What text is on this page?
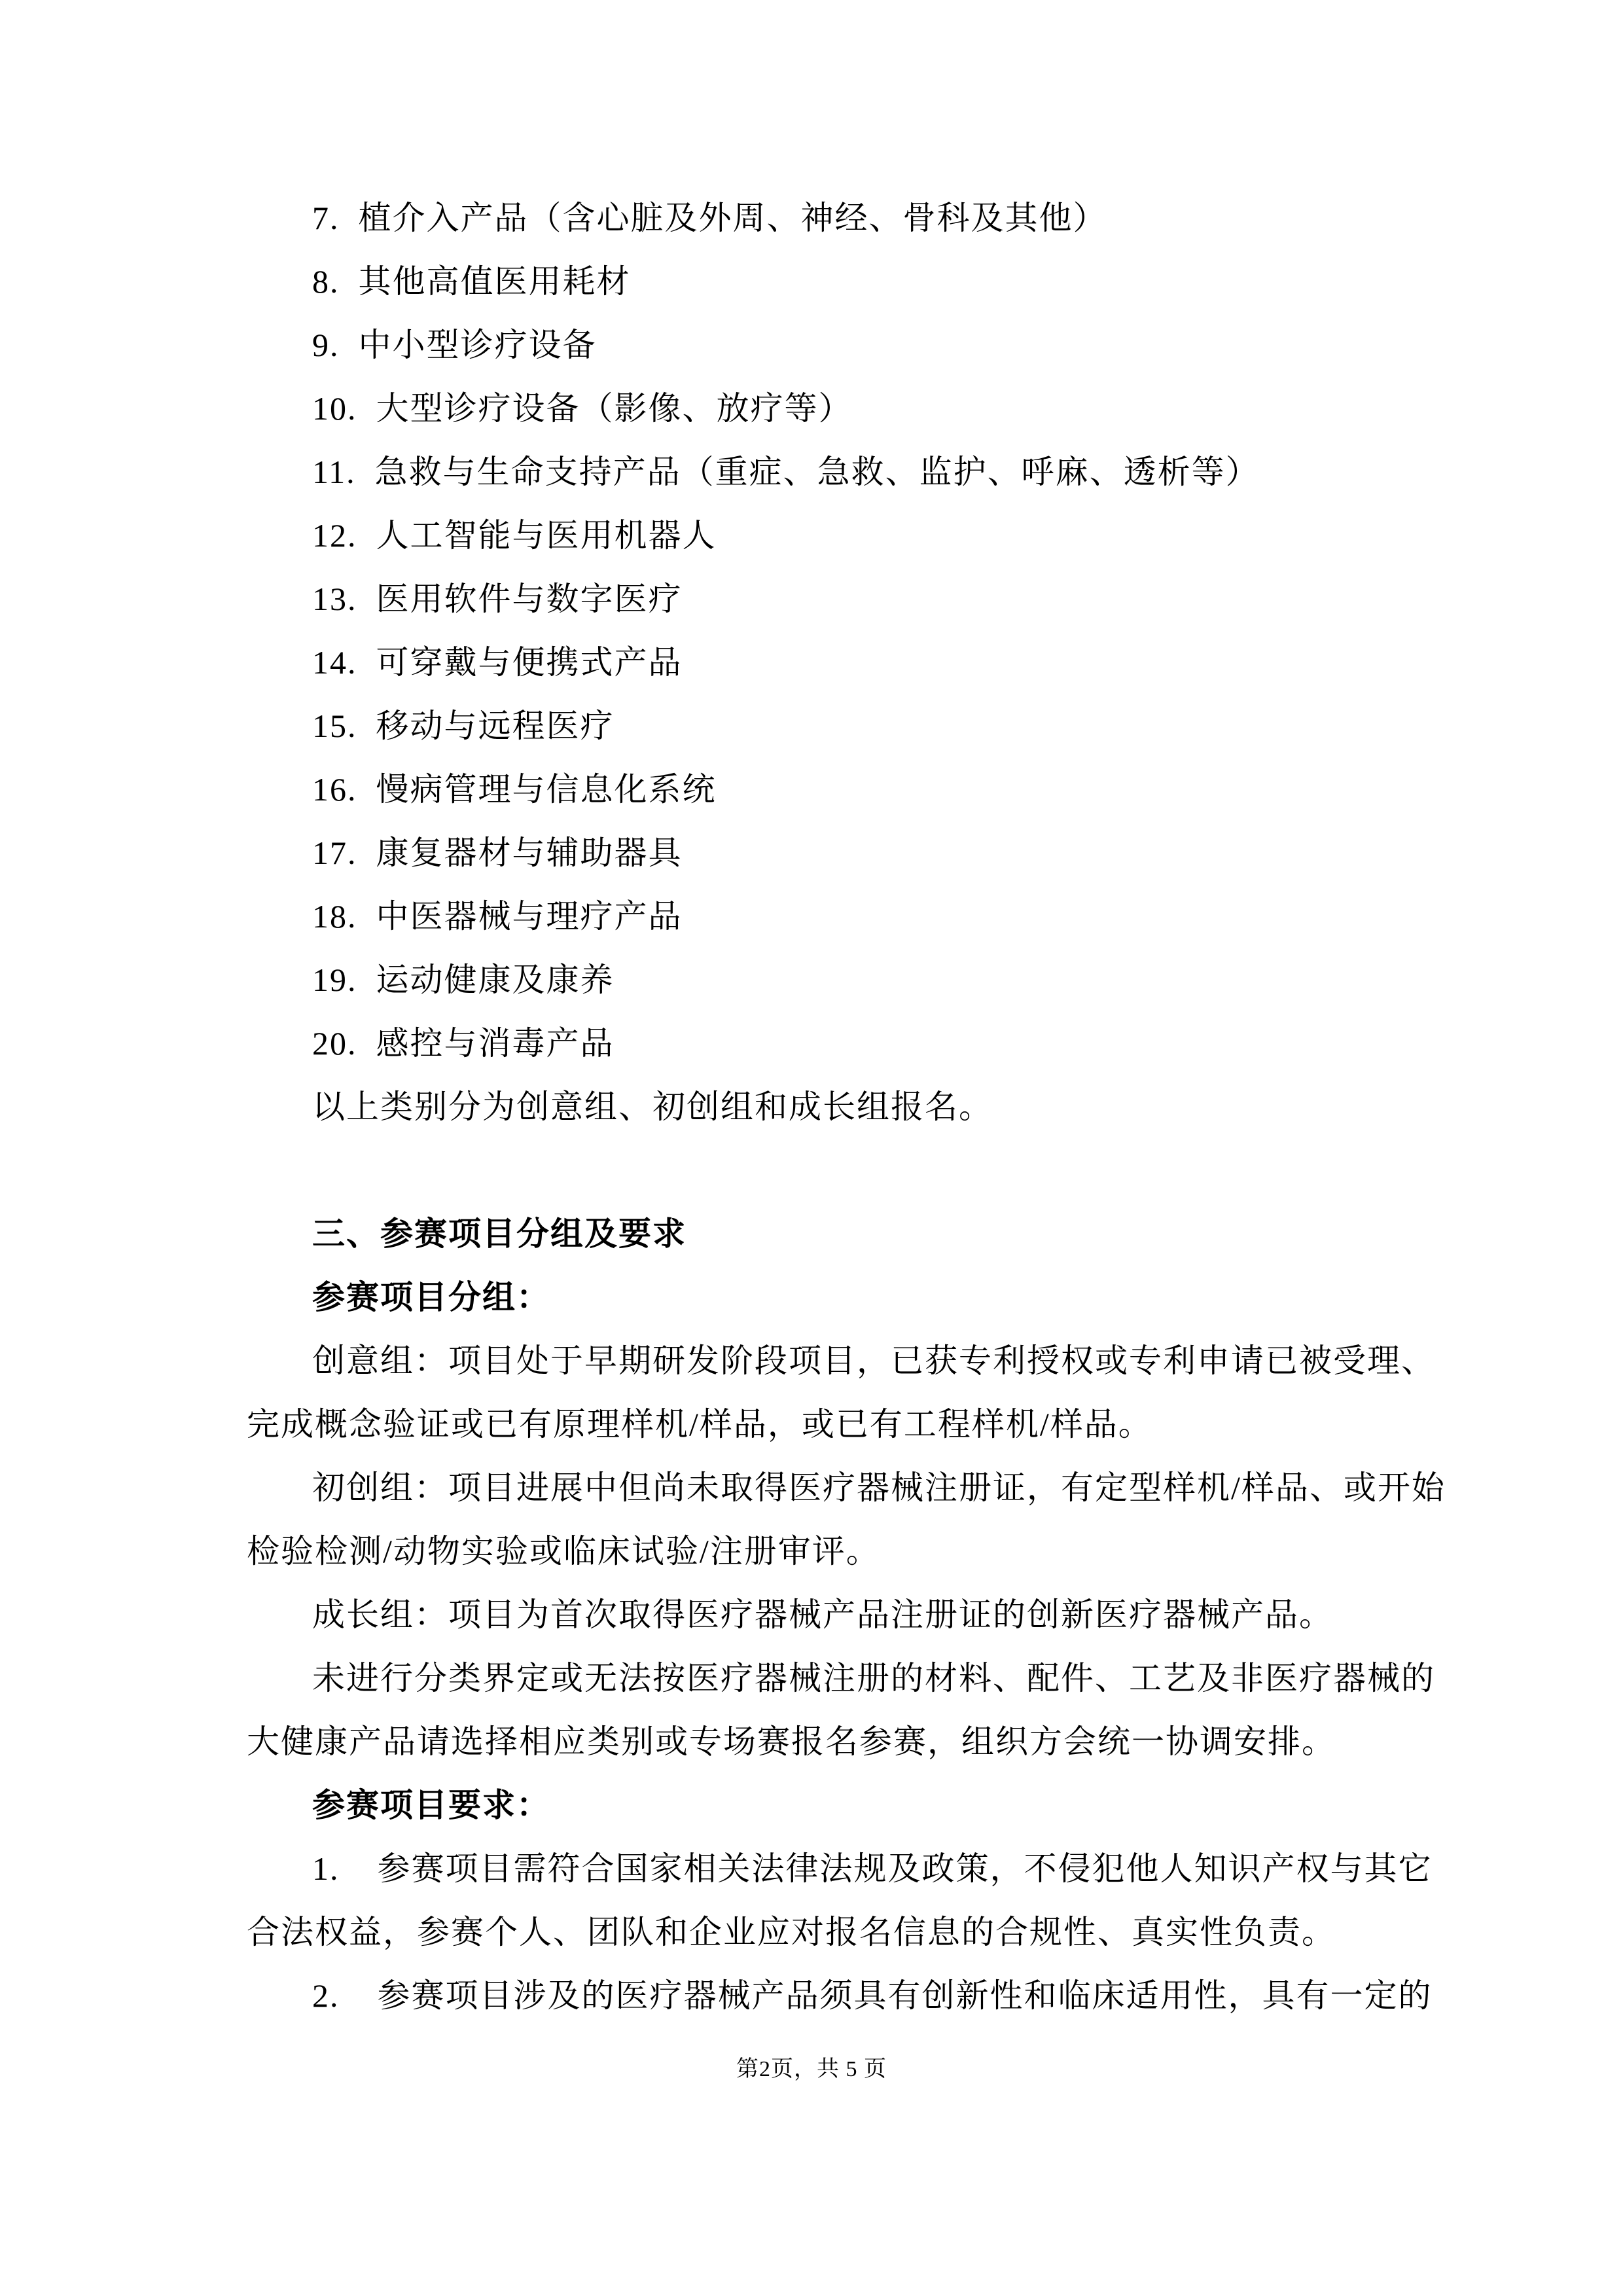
7.  植介入产品（含心脏及外周、神经、骨科及其他）
8.  其他高值医用耗材
9.  中小型诊疗设备
10.  大型诊疗设备（影像、放疗等）
11.  急救与生命支持产品（重症、急救、监护、呼麻、透析等）
12.  人工智能与医用机器人
13.  医用软件与数字医疗
14.  可穿戴与便携式产品
15.  移动与远程医疗
16.  慢病管理与信息化系统
17.  康复器材与辅助器具
18.  中医器械与理疗产品
19.  运动健康及康养
20.  感控与消毒产品
以上类别分为创意组、初创组和成长组报名。
三、参赛项目分组及要求
参赛项目分组：
创意组：项目处于早期研发阶段项目，已获专利授权或专利申请已被受理、
完成概念验证或已有原理样机/样品，或已有工程样机/样品。
初创组：项目进展中但尚未取得医疗器械注册证，有定型样机/样品、或开始
检验检测/动物实验或临床试验/注册审评。
成长组：项目为首次取得医疗器械产品注册证的创新医疗器械产品。
未进行分类界定或无法按医疗器械注册的材料、配件、工艺及非医疗器械的
大健康产品请选择相应类别或专场赛报名参赛，组织方会统一协调安排。
参赛项目要求：
1.    参赛项目需符合国家相关法律法规及政策，不侵犯他人知识产权与其它
合法权益，参赛个人、团队和企业应对报名信息的合规性、真实性负责。
2.    参赛项目涉及的医疗器械产品须具有创新性和临床适用性，具有一定的
第2页，共 5 页
